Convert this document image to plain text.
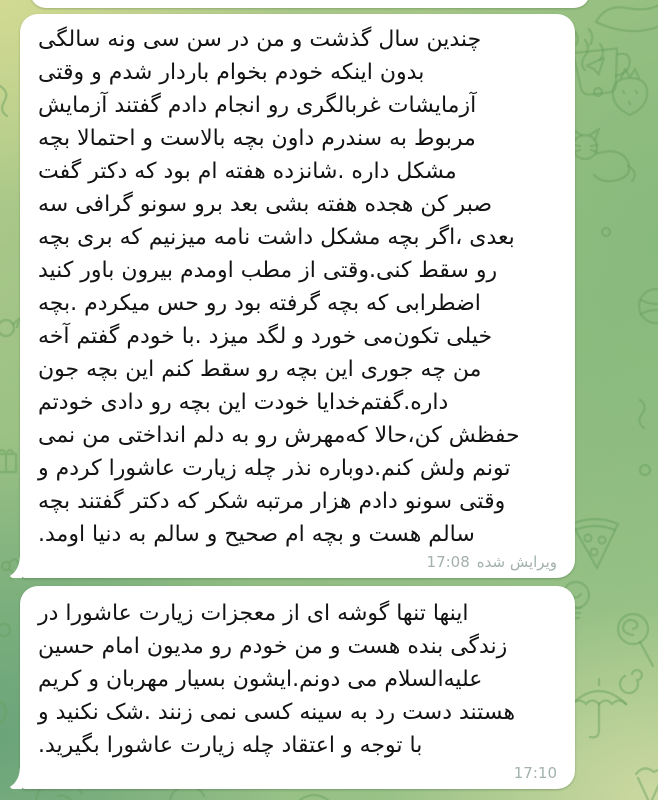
چندین سال گذشت و من در سن سی ونه سالگی
بدون اینکه خودم بخوام باردار شدم و وقتی
آزمایشات غربالگری رو انجام دادم گفتند آزمایش
مربوط به سندرم داون بچه بالاست و احتمالا بچه
مشکل داره .شانزده هفته ام بود که دکتر گفت
صبر کن هجده هفته بشی بعد برو سونو گرافی سه
بعدی ،اگر بچه مشکل داشت نامه میزنیم که بری بچه
رو سقط کنی.وقتی از مطب اومدم بیرون باور کنید
اضطرابی که بچه گرفته بود رو حس میکردم .بچه
خیلی تکون‌می خورد و لگد میزد .با خودم گفتم آخه
من چه جوری این بچه رو سقط کنم این بچه جون
داره.گفتم‌خدایا خودت این بچه رو دادی خودتم
حفظش کن،حالا که‌مهرش رو به دلم انداختی من نمی
تونم ولش کنم.دوباره نذر چله زیارت عاشورا کردم و
وقتی سونو دادم هزار مرتبه شکر که دکتر گفتند بچه
سالم هست و بچه ام صحیح و سالم به دنیا اومد.
ویرایش شده17:08
اینها تنها گوشه ای از معجزات زیارت عاشورا در
زندگی بنده هست و من خودم رو مدیون امام حسین
علیه‌السلام می دونم.ایشون بسیار مهربان و کریم
هستند دست رد به سینه کسی نمی زنند .شک نکنید و
با توجه و اعتقاد چله زیارت عاشورا بگیرید.
17:10
